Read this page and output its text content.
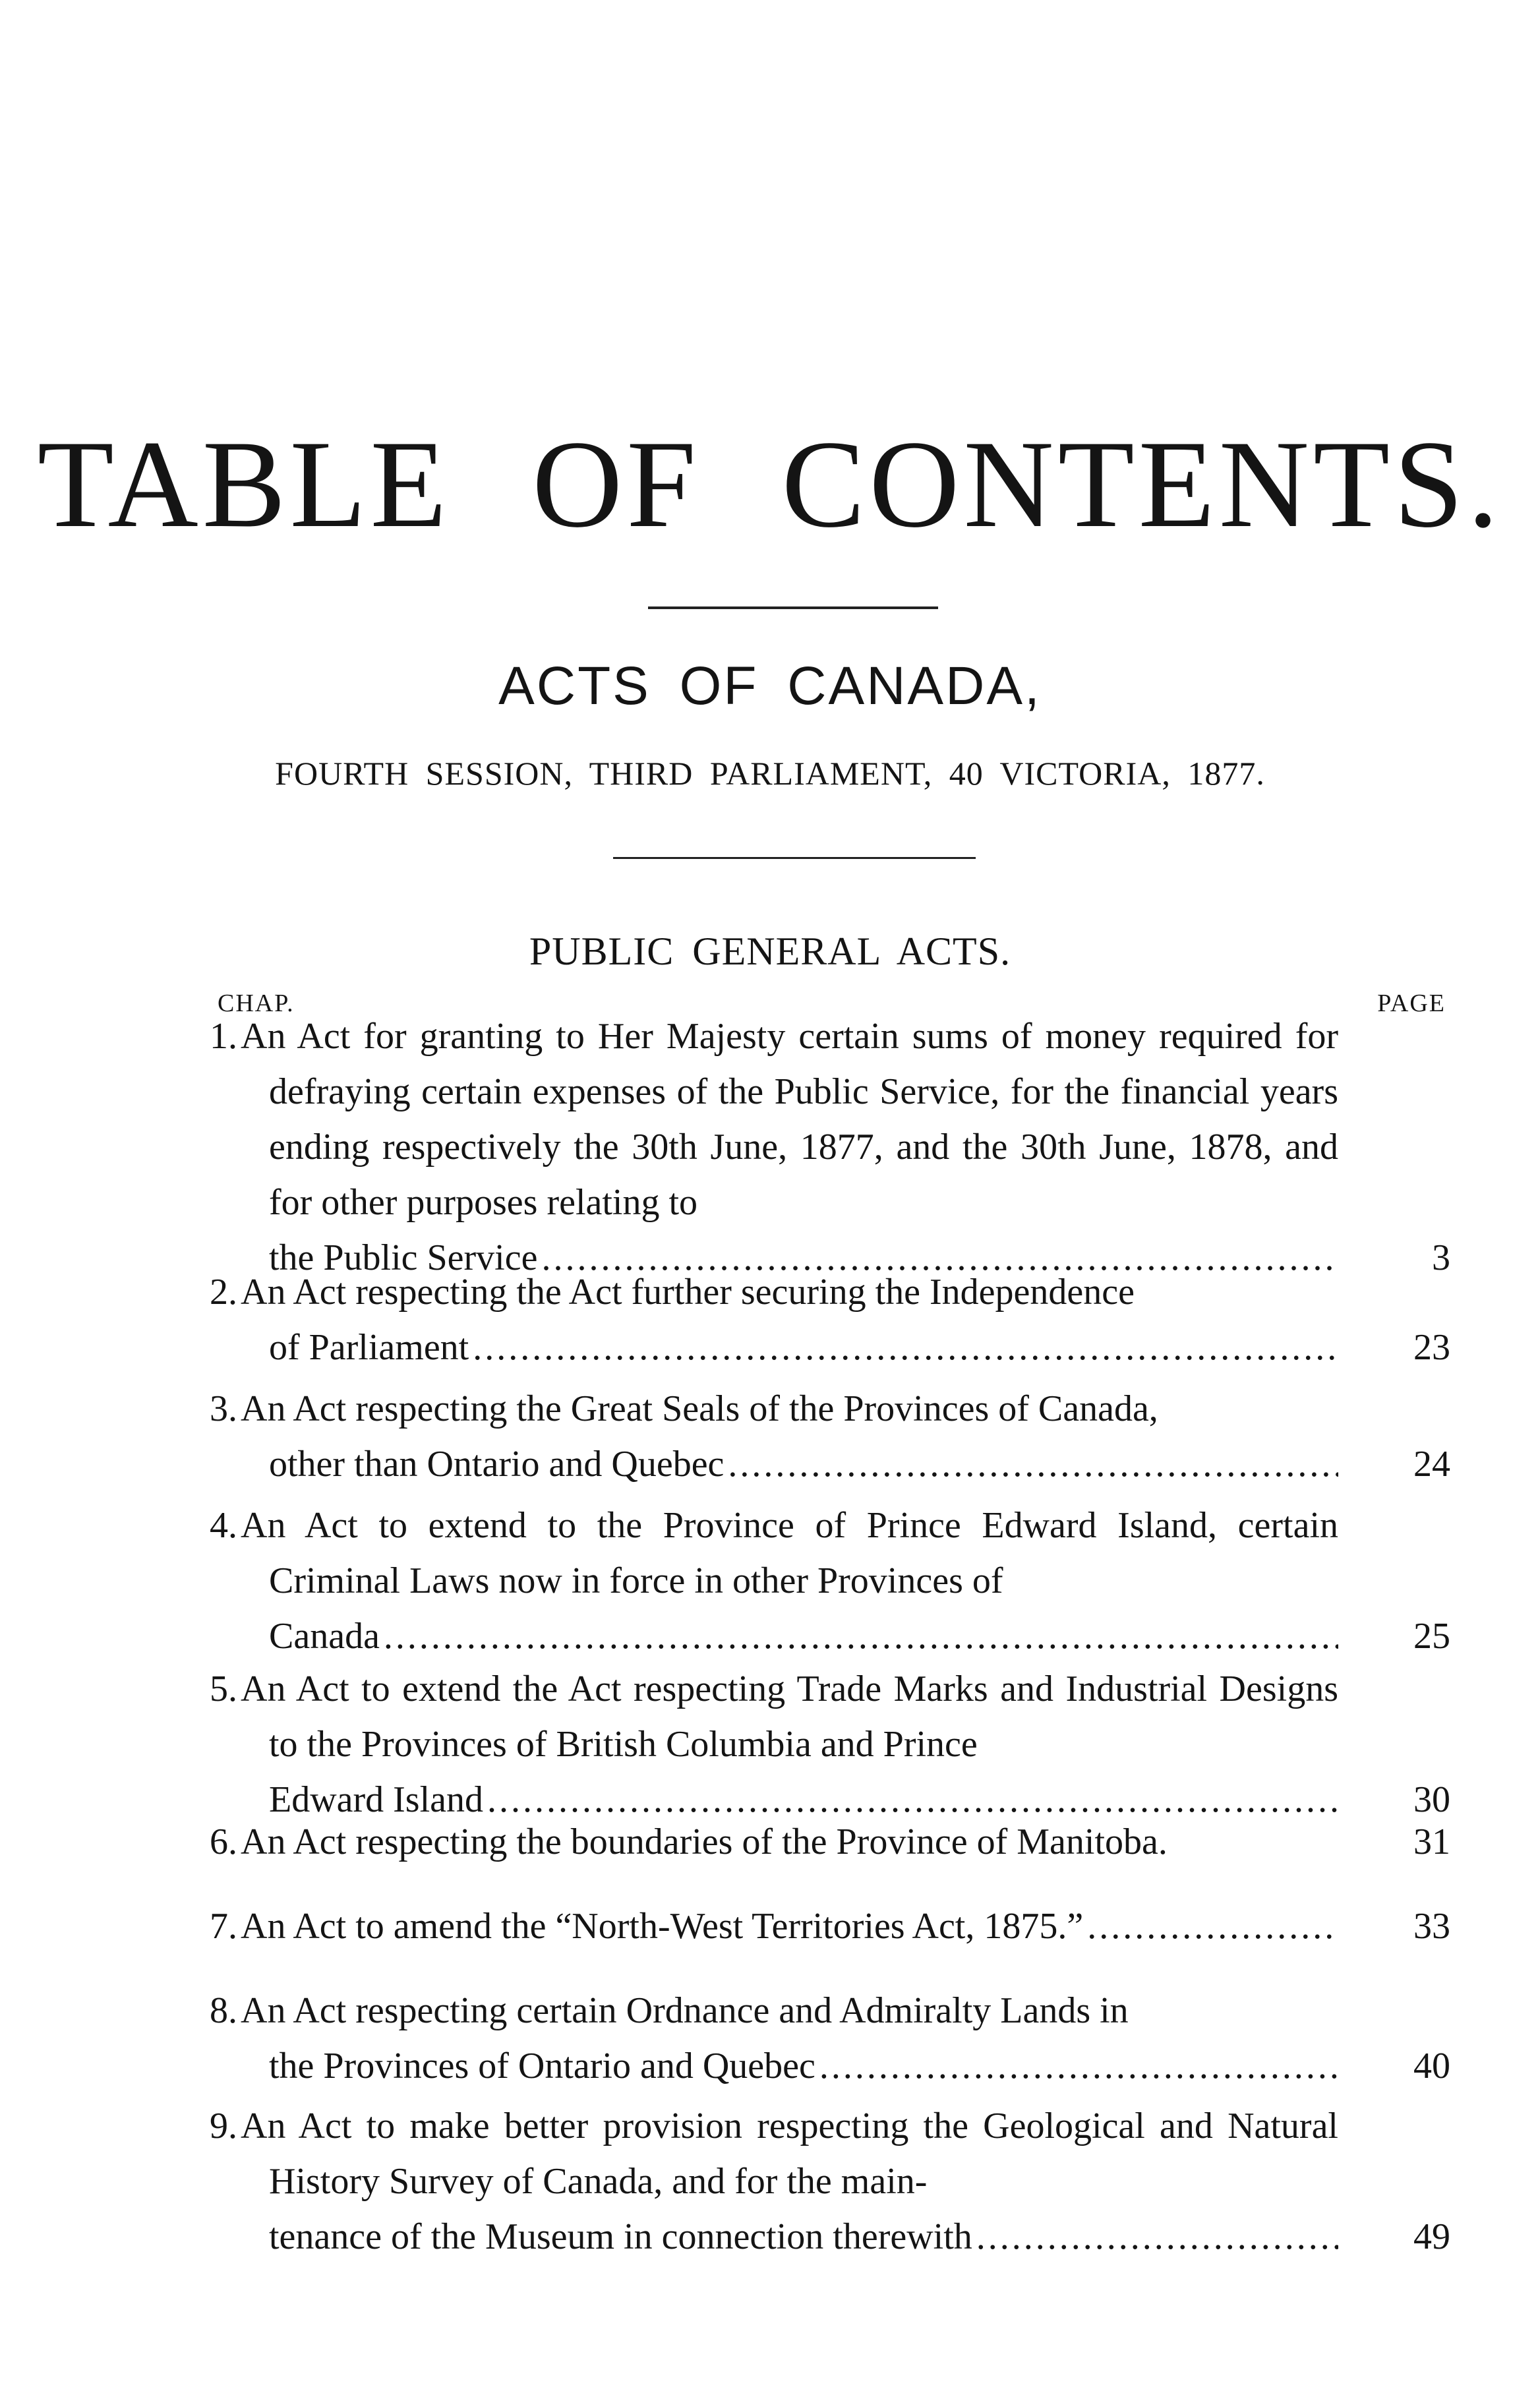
TABLE OF CONTENTS.
ACTS OF CANADA,
FOURTH SESSION, THIRD PARLIAMENT, 40 VICTORIA, 1877.
PUBLIC GENERAL ACTS.
CHAP.	PAGE
1. An Act for granting to Her Majesty certain sums of money required for defraying certain expenses of the Public Service, for the financial years ending respectively the 30th June, 1877, and the 30th June, 1878, and for other purposes relating to
the Public Service .....	3
2. An Act respecting the Act further securing the Independence
of Parliament .....	23
3. An Act respecting the Great Seals of the Provinces of Canada,
other than Ontario and Quebec .....	24
4. An Act to extend to the Province of Prince Edward Island, certain Criminal Laws now in force in other Provinces of
Canada .....	25
5. An Act to extend the Act respecting Trade Marks and Industrial Designs to the Provinces of British Columbia and Prince
Edward Island .....	30
6. An Act respecting the boundaries of the Province of Manitoba.	31
7. An Act to amend the “North-West Territories Act, 1875.” .....	33
8. An Act respecting certain Ordnance and Admiralty Lands in
the Provinces of Ontario and Quebec .....	40
9. An Act to make better provision respecting the Geological and Natural History Survey of Canada, and for the main-
tenance of the Museum in connection therewith .....	49
